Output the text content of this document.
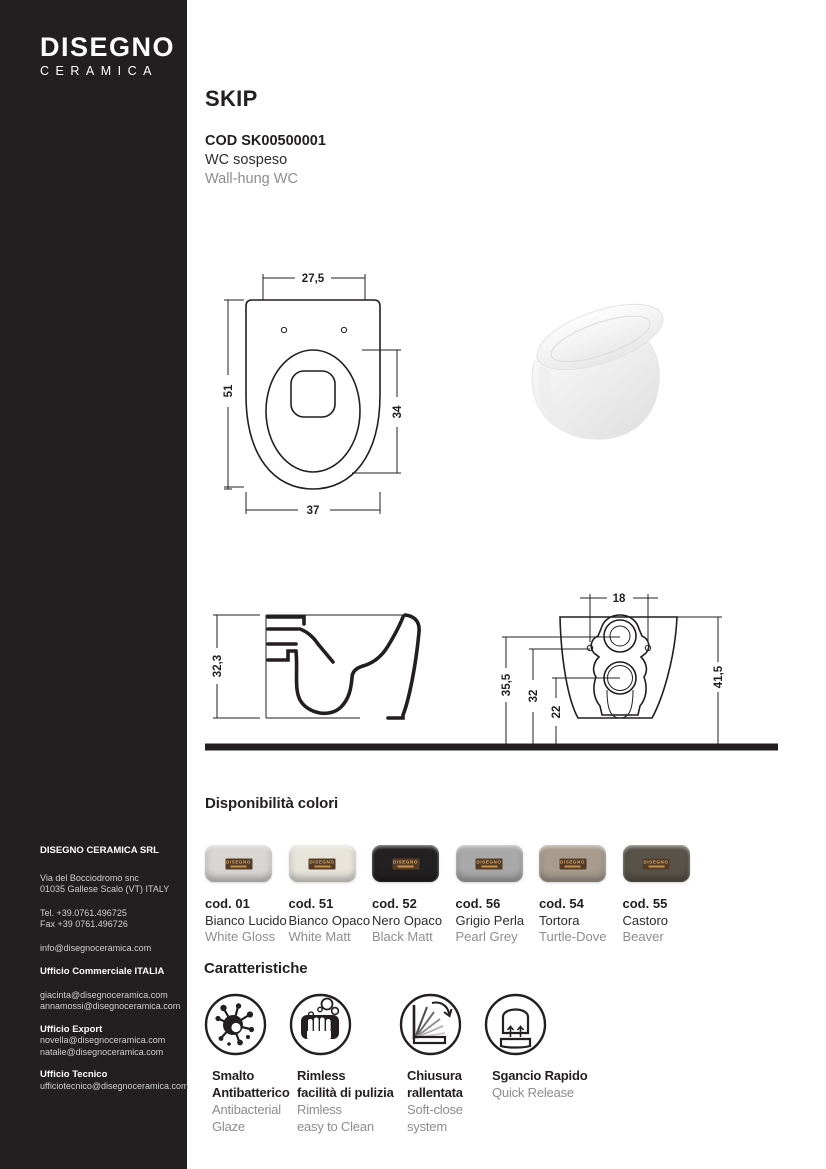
DISEGNO
CERAMICA
DISEGNO CERAMICA SRL
Via del Bocciodromo snc
01035 Gallese Scalo (VT) ITALY
Tel. +39.0761.496725
Fax +39 0761.496726
info@disegnoceramica.com
Ufficio Commerciale ITALIA
giacinta@disegnoceramica.com
annamossi@disegnoceramica.com
Ufficio Export
novella@disegnoceramica.com
natalie@disegnoceramica.com
Ufficio Tecnico
ufficiotecnico@disegnoceramica.com
SKIP
COD SK00500001
WC sospeso
Wall-hung WC
27,5
51
34
37
32,3
18
35,5 32
22
41,5
Disponibilità colori
DISEGNO
cod. 01
Bianco Lucido
White Gloss
DISEGNO
cod. 51
Bianco Opaco
White Matt
DISEGNO
cod. 52
Nero Opaco
Black Matt
DISEGNO
cod. 56
Grigio Perla
Pearl Grey
DISEGNO
cod. 54
Tortora
Turtle-Dove
DISEGNO
cod. 55
Castoro
Beaver
Caratteristiche
Smalto
Antibatterico
Antibacterial
Glaze
Rimless
facilità di pulizia
Rimless
easy to Clean
Chiusura
rallentata
Soft-close
system
Sgancio Rapido
Quick Release
